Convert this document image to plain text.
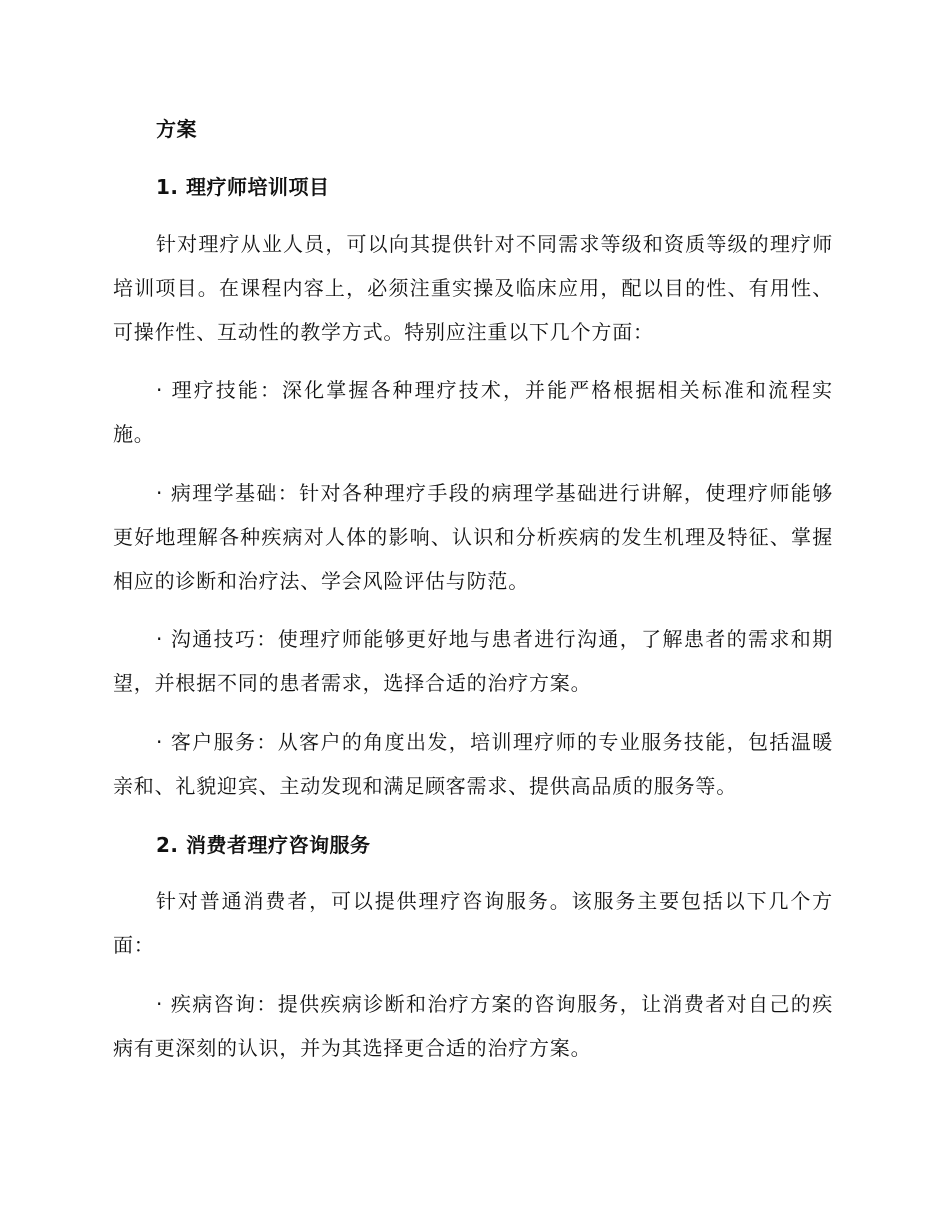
方案
1. 理疗师培训项目

针对理疗从业人员，可以向其提供针对不同需求等级和资质等级的理疗师培训项目。在课程内容上，必须注重实操及临床应用，配以目的性、有用性、可操作性、互动性的教学方式。特别应注重以下几个方面：

· 理疗技能：深化掌握各种理疗技术，并能严格根据相关标准和流程实施。

· 病理学基础：针对各种理疗手段的病理学基础进行讲解，使理疗师能够更好地理解各种疾病对人体的影响、认识和分析疾病的发生机理及特征、掌握相应的诊断和治疗法、学会风险评估与防范。

· 沟通技巧：使理疗师能够更好地与患者进行沟通，了解患者的需求和期望，并根据不同的患者需求，选择合适的治疗方案。

· 客户服务：从客户的角度出发，培训理疗师的专业服务技能，包括温暖亲和、礼貌迎宾、主动发现和满足顾客需求、提供高品质的服务等。

2. 消费者理疗咨询服务

针对普通消费者，可以提供理疗咨询服务。该服务主要包括以下几个方面：

· 疾病咨询：提供疾病诊断和治疗方案的咨询服务，让消费者对自己的疾病有更深刻的认识，并为其选择更合适的治疗方案。
